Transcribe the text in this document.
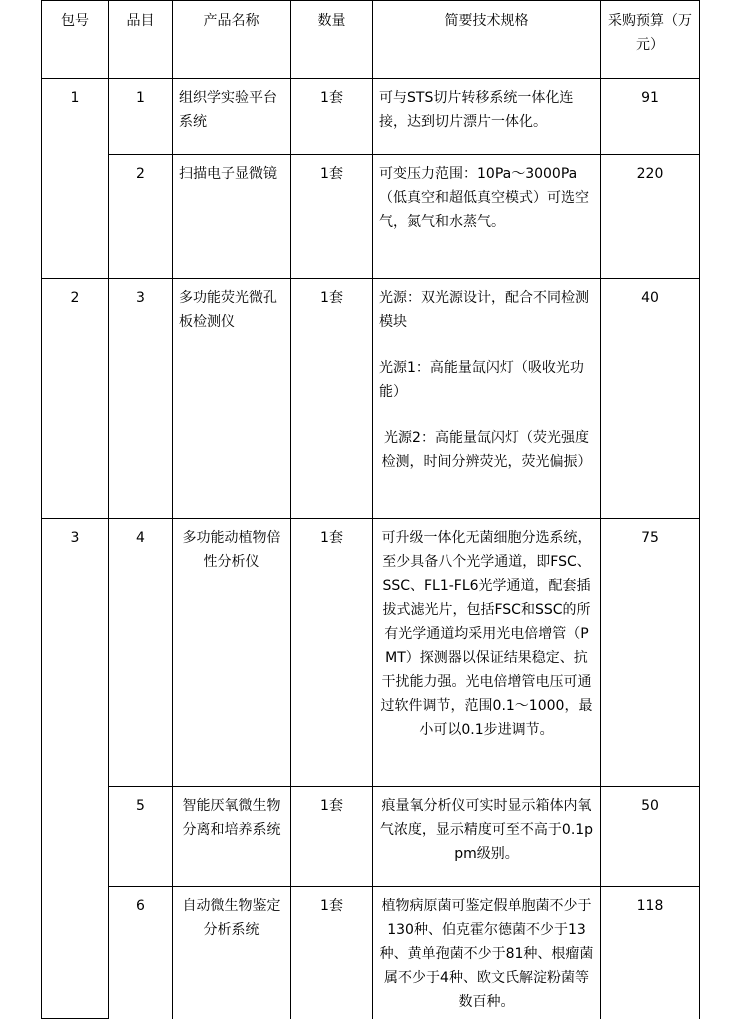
包号	品目	产品名称	数量	简要技术规格	采购预算（万元）
1	1	组织学实验平台系统	1套	可与STS切片转移系统一体化连接，达到切片漂片一体化。	91
	2	扫描电子显微镜	1套	可变压力范围：10Pa～3000Pa（低真空和超低真空模式）可选空气，氮气和水蒸气。	220
2	3	多功能荧光微孔板检测仪	1套	光源：双光源设计，配合不同检测模块

光源1：高能量氙闪灯（吸收光功能）

光源2：高能量氙闪灯（荧光强度检测，时间分辨荧光，荧光偏振）	40
3	4	多功能动植物倍性分析仪	1套	可升级一体化无菌细胞分选系统，至少具备八个光学通道，即FSC、SSC、FL1-FL6光学通道，配套插拔式滤光片，包括FSC和SSC的所有光学通道均采用光电倍增管（PMT）探测器以保证结果稳定、抗干扰能力强。光电倍增管电压可通过软件调节，范围0.1～1000，最小可以0.1步进调节。	75
	5	智能厌氧微生物分离和培养系统	1套	痕量氧分析仪可实时显示箱体内氧气浓度，显示精度可至不高于0.1ppm级别。	50
	6	自动微生物鉴定分析系统	1套	植物病原菌可鉴定假单胞菌不少于130种、伯克霍尔德菌不少于13种、黄单孢菌不少于81种、根瘤菌属不少于4种、欧文氏解淀粉菌等数百种。	118
